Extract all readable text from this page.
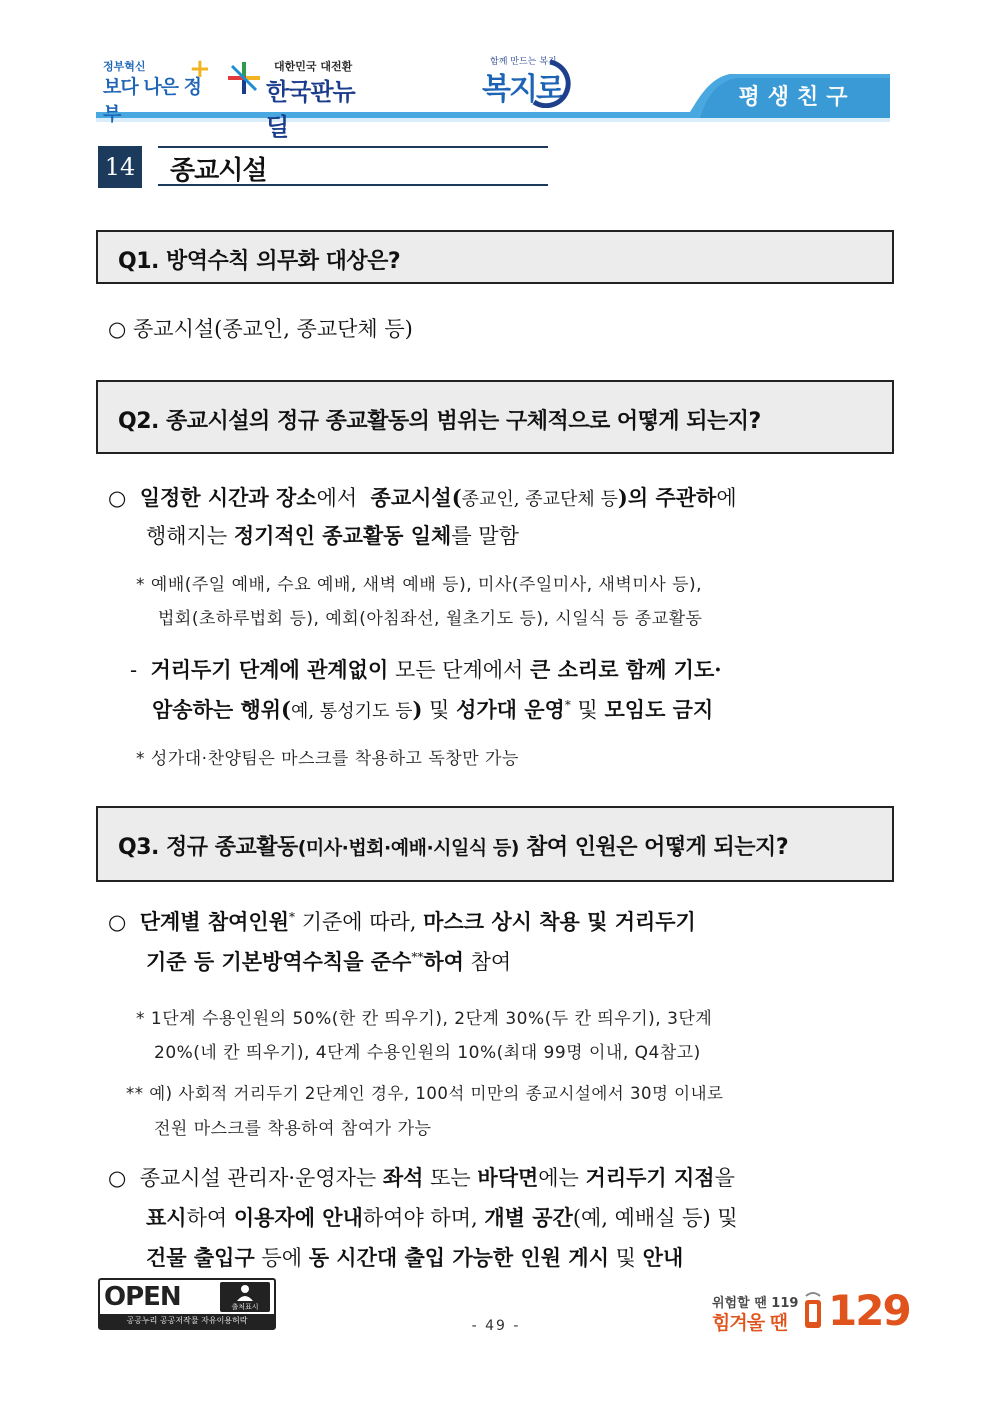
정부혁신
보다 나은 정부
+	대한민국 대전환
한국판뉴딜
함께 만드는 복지
복지로	평생친구
14 종교시설
Q1. 방역수칙 의무화 대상은?
○ 종교시설(종교인, 종교단체 등)
Q2. 종교시설의 정규 종교활동의 범위는 구체적으로 어떻게 되는지?
○ 일정한 시간과 장소에서 종교시설(종교인, 종교단체 등)의 주관하에
행해지는 정기적인 종교활동 일체를 말함
* 예배(주일 예배, 수요 예배, 새벽 예배 등), 미사(주일미사, 새벽미사 등),
법회(초하루법회 등), 예회(아침좌선, 월초기도 등), 시일식 등 종교활동
- 거리두기 단계에 관계없이 모든 단계에서 큰 소리로 함께 기도·
암송하는 행위(예, 통성기도 등) 및 성가대 운영* 및 모임도 금지
* 성가대·찬양팀은 마스크를 착용하고 독창만 가능
Q3. 정규 종교활동(미사·법회·예배·시일식 등) 참여 인원은 어떻게 되는지?
○ 단계별 참여인원* 기준에 따라, 마스크 상시 착용 및 거리두기
기준 등 기본방역수칙을 준수**하여 참여
* 1단계 수용인원의 50%(한 칸 띄우기), 2단계 30%(두 칸 띄우기), 3단계
20%(네 칸 띄우기), 4단계 수용인원의 10%(최대 99명 이내, Q4참고)
** 예) 사회적 거리두기 2단계인 경우, 100석 미만의 종교시설에서 30명 이내로
전원 마스크를 착용하여 참여가 가능
○ 종교시설 관리자·운영자는 좌석 또는 바닥면에는 거리두기 지점을
표시하여 이용자에 안내하여야 하며, 개별 공간(예, 예배실 등) 및
건물 출입구 등에 동 시간대 출입 가능한 인원 게시 및 안내
OPEN	출처표시
공공누리 공공저작물 자유이용허락	- 49 -
위험할 땐 119
힘겨울 땐 129
